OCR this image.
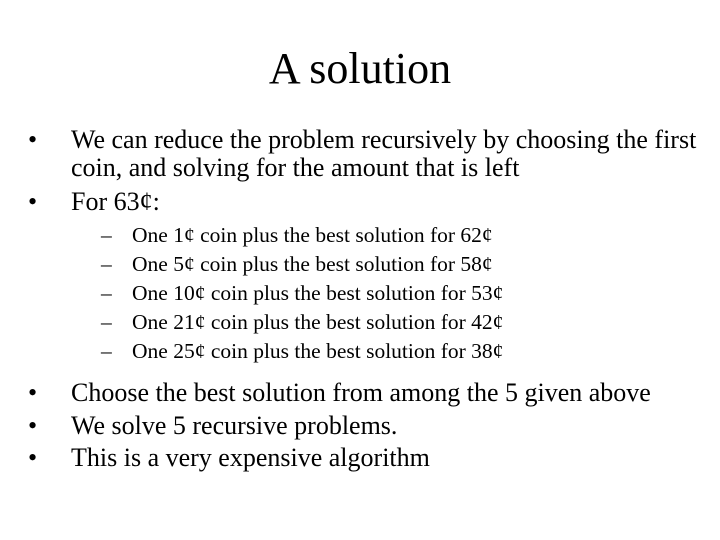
A solution
•	We can reduce the problem recursively by choosing the first coin, and solving for the amount that is left
•	For 63¢:
– One 1¢ coin plus the best solution for 62¢
– One 5¢ coin plus the best solution for 58¢
– One 10¢ coin plus the best solution for 53¢
– One 21¢ coin plus the best solution for 42¢
– One 25¢ coin plus the best solution for 38¢
•	Choose the best solution from among the 5 given above
•	We solve 5 recursive problems.
•	This is a very expensive algorithm
